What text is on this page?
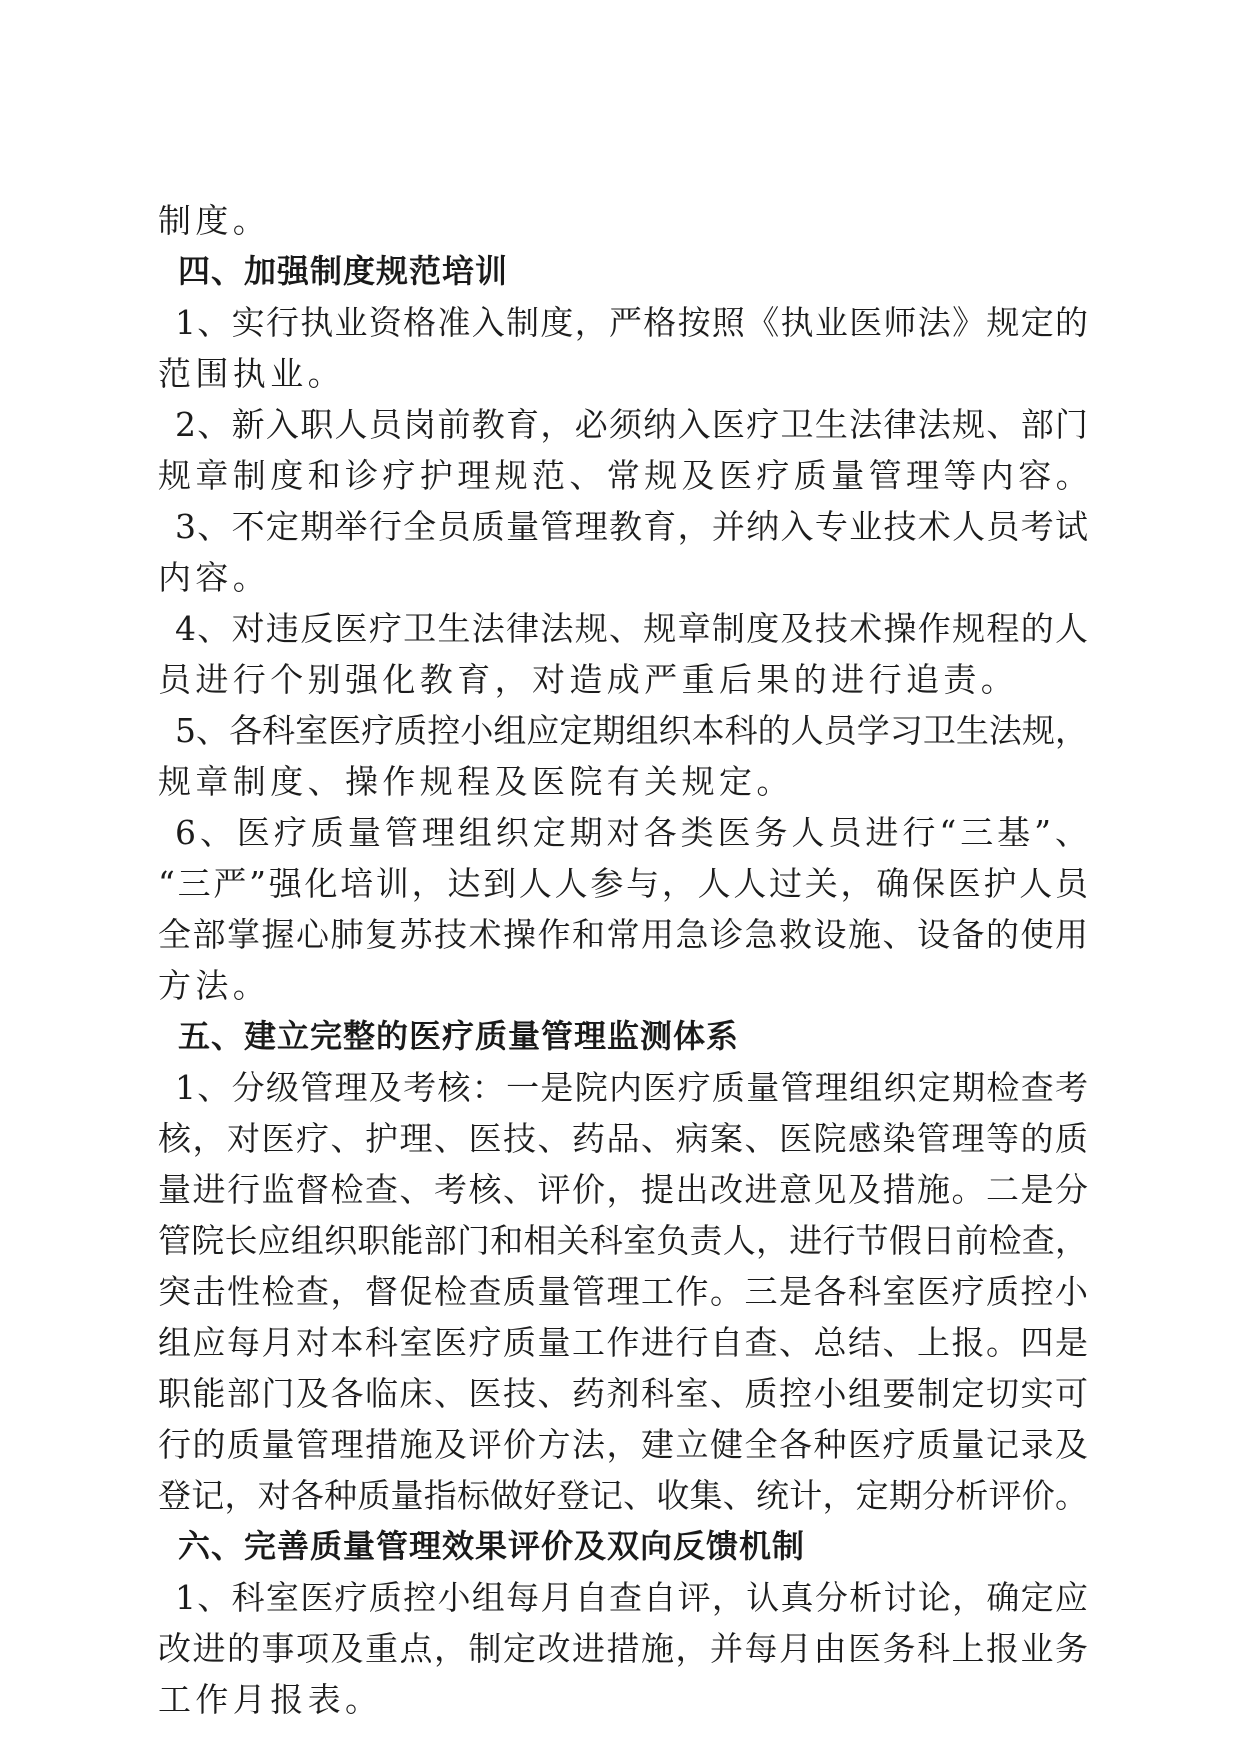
制度。
四、加强制度规范培训
1、实行执业资格准入制度，严格按照《执业医师法》规定的
范围执业。
2、新入职人员岗前教育，必须纳入医疗卫生法律法规、部门
规章制度和诊疗护理规范、常规及医疗质量管理等内容。
3、不定期举行全员质量管理教育，并纳入专业技术人员考试
内容。
4、对违反医疗卫生法律法规、规章制度及技术操作规程的人
员进行个别强化教育，对造成严重后果的进行追责。
5、各科室医疗质控小组应定期组织本科的人员学习卫生法规，
规章制度、操作规程及医院有关规定。
6、医疗质量管理组织定期对各类医务人员进行“三基”、
“三严”强化培训，达到人人参与，人人过关，确保医护人员
全部掌握心肺复苏技术操作和常用急诊急救设施、设备的使用
方法。
五、建立完整的医疗质量管理监测体系
1、分级管理及考核：一是院内医疗质量管理组织定期检查考
核，对医疗、护理、医技、药品、病案、医院感染管理等的质
量进行监督检查、考核、评价，提出改进意见及措施。二是分
管院长应组织职能部门和相关科室负责人，进行节假日前检查，
突击性检查，督促检查质量管理工作。三是各科室医疗质控小
组应每月对本科室医疗质量工作进行自查、总结、上报。四是
职能部门及各临床、医技、药剂科室、质控小组要制定切实可
行的质量管理措施及评价方法，建立健全各种医疗质量记录及
登记，对各种质量指标做好登记、收集、统计，定期分析评价。
六、完善质量管理效果评价及双向反馈机制
1、科室医疗质控小组每月自查自评，认真分析讨论，确定应
改进的事项及重点，制定改进措施，并每月由医务科上报业务
工作月报表。
